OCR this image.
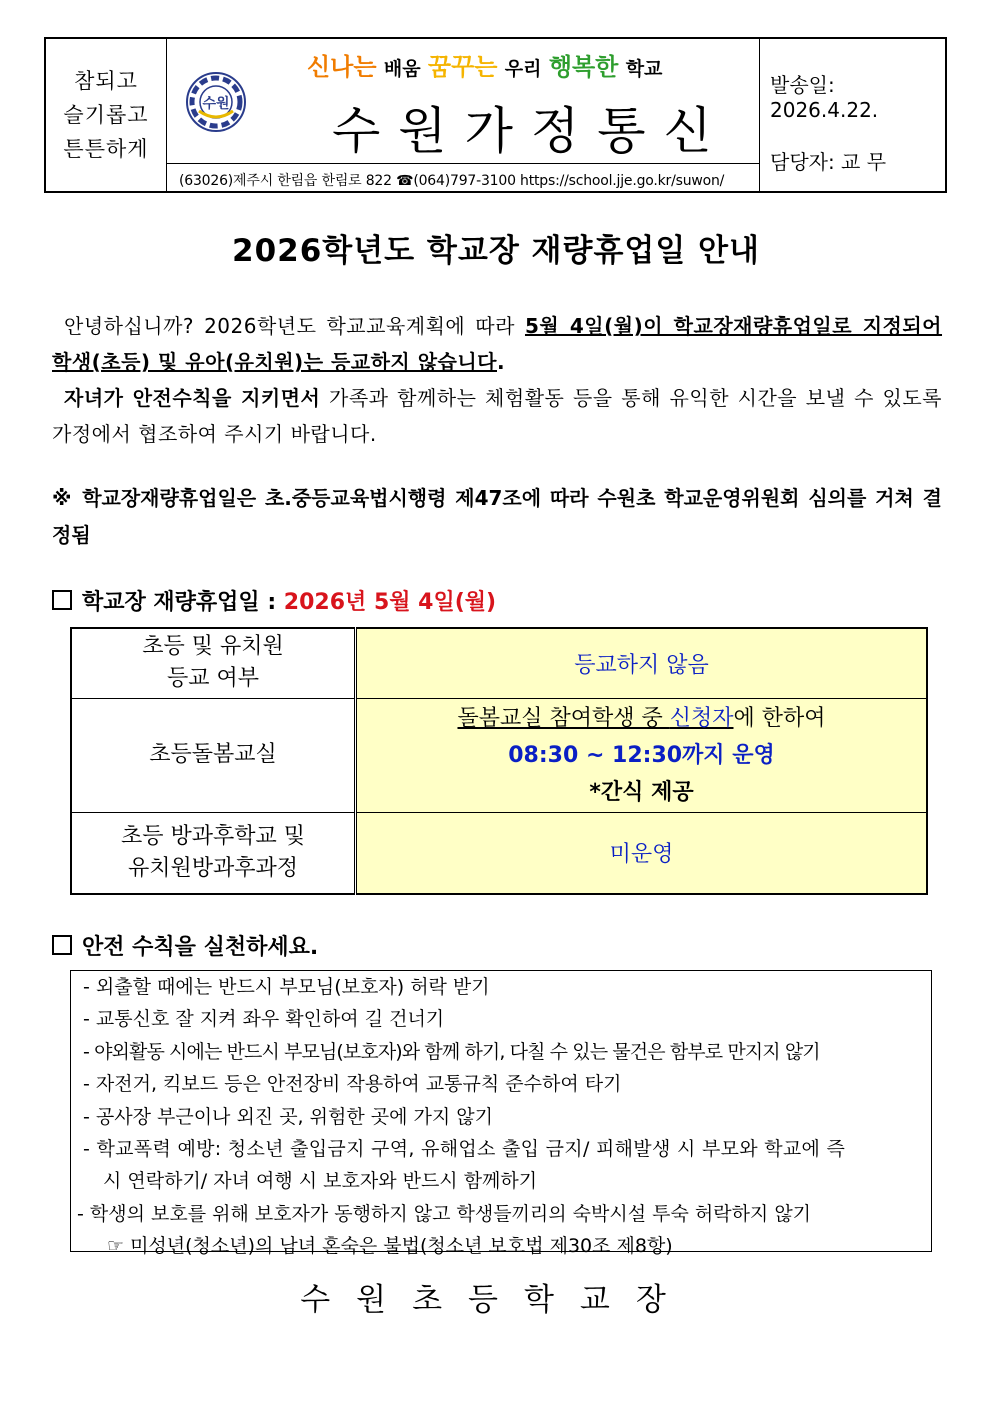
참되고
슬기롭고
튼튼하게
수원
신나는 배움 꿈꾸는 우리 행복한 학교
수원가정통신
(63026)제주시 한림읍 한림로 822 ☎(064)797-3100 https://school.jje.go.kr/suwon/
발송일: 2026.4.22.
담당자: 교 무
2026학년도 학교장 재량휴업일 안내
안녕하십니까? 2026학년도 학교교육계획에 따라 5월 4일(월)이 학교장재량휴업일로 지정되어 학생(초등) 및 유아(유치원)는 등교하지 않습니다.
자녀가 안전수칙을 지키면서 가족과 함께하는 체험활동 등을 통해 유익한 시간을 보낼 수 있도록 가정에서 협조하여 주시기 바랍니다.
※ 학교장재량휴업일은 초.중등교육법시행령 제47조에 따라 수원초 학교운영위원회 심의를 거쳐 결정됨
학교장 재량휴업일 : 2026년 5월 4일(월)
초등 및 유치원
등교 여부	등교하지 않음
초등돌봄교실	돌봄교실 참여학생 중 신청자에 한하여
08:30 ~ 12:30까지 운영
*간식 제공

초등 방과후학교 및
유치원방과후과정	미운영
안전 수칙을 실천하세요.
- 외출할 때에는 반드시 부모님(보호자) 허락 받기
- 교통신호 잘 지켜 좌우 확인하여 길 건너기
- 야외활동 시에는 반드시 부모님(보호자)와 함께 하기, 다칠 수 있는 물건은 함부로 만지지 않기
- 자전거, 킥보드 등은 안전장비 작용하여 교통규칙 준수하여 타기
- 공사장 부근이나 외진 곳, 위험한 곳에 가지 않기
- 학교폭력 예방: 청소년 출입금지 구역, 유해업소 출입 금지/ 피해발생 시 부모와 학교에 즉
시 연락하기/ 자녀 여행 시 보호자와 반드시 함께하기
- 학생의 보호를 위해 보호자가 동행하지 않고 학생들끼리의 숙박시설 투숙 허락하지 않기
☞ 미성년(청소년)의 남녀 혼숙은 불법(청소년 보호법 제30조 제8항)
수원초등학교장
